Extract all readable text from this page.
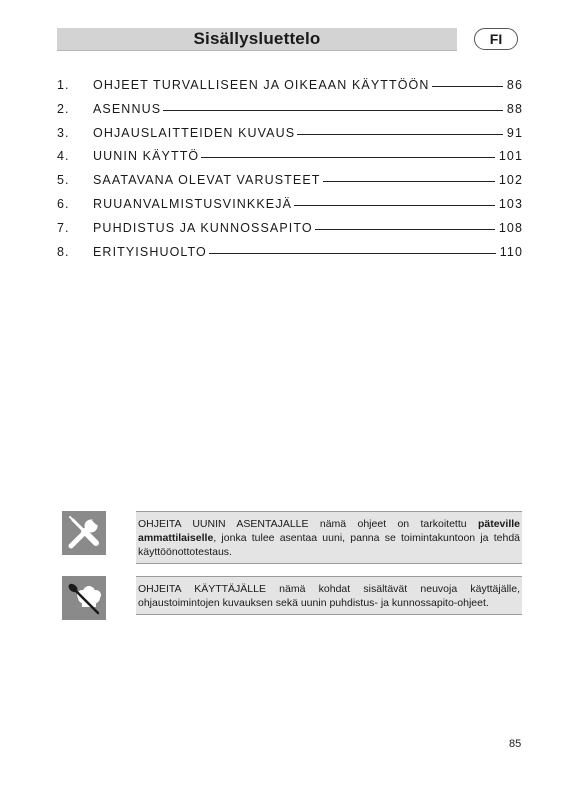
Sisällysluettelo	FI
1.	OHJEET TURVALLISEEN JA OIKEAAN KÄYTTÖÖN	86
2.	ASENNUS	88
3.	OHJAUSLAITTEIDEN KUVAUS	91
4.	UUNIN KÄYTTÖ	101
5.	SAATAVANA OLEVAT VARUSTEET	102
6.	RUUANVALMISTUSVINKKEJÄ	103
7.	PUHDISTUS JA KUNNOSSAPITO	108
8.	ERITYISHUOLTO	110
OHJEITA UUNIN ASENTAJALLE nämä ohjeet on tarkoitettu päteville ammattilaiselle, jonka tulee asentaa uuni, panna se toimintakuntoon ja tehdä käyttöönottotestaus.
OHJEITA KÄYTTÄJÄLLE nämä kohdat sisältävät neuvoja käyttäjälle, ohjaustoimintojen kuvauksen sekä uunin puhdistus- ja kunnossapito-ohjeet.
85
